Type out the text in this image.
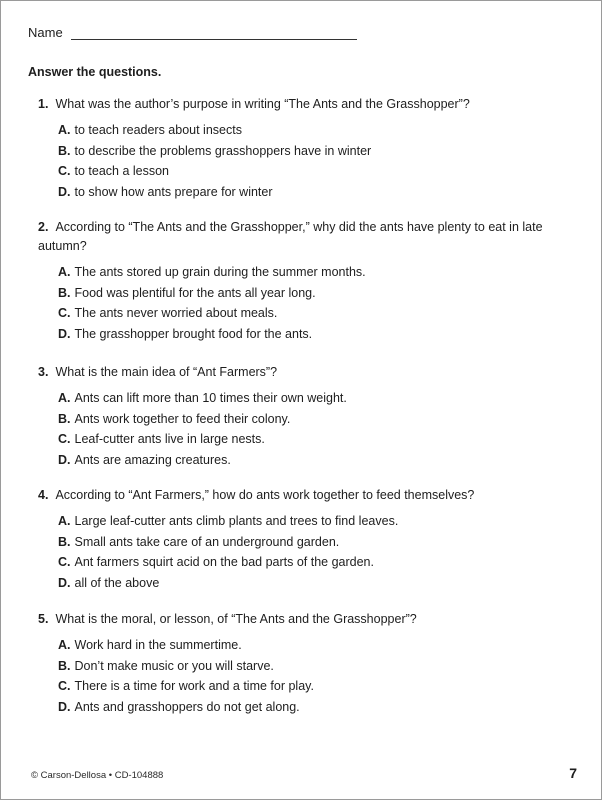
Name
Answer the questions.
1. What was the author’s purpose in writing “The Ants and the Grasshopper”?
A. to teach readers about insects
B. to describe the problems grasshoppers have in winter
C. to teach a lesson
D. to show how ants prepare for winter
2. According to “The Ants and the Grasshopper,” why did the ants have plenty to eat in late autumn?
A. The ants stored up grain during the summer months.
B. Food was plentiful for the ants all year long.
C. The ants never worried about meals.
D. The grasshopper brought food for the ants.
3. What is the main idea of “Ant Farmers”?
A. Ants can lift more than 10 times their own weight.
B. Ants work together to feed their colony.
C. Leaf-cutter ants live in large nests.
D. Ants are amazing creatures.
4. According to “Ant Farmers,” how do ants work together to feed themselves?
A. Large leaf-cutter ants climb plants and trees to find leaves.
B. Small ants take care of an underground garden.
C. Ant farmers squirt acid on the bad parts of the garden.
D. all of the above
5. What is the moral, or lesson, of “The Ants and the Grasshopper”?
A. Work hard in the summertime.
B. Don’t make music or you will starve.
C. There is a time for work and a time for play.
D. Ants and grasshoppers do not get along.
© Carson-Dellosa • CD-104888	7
